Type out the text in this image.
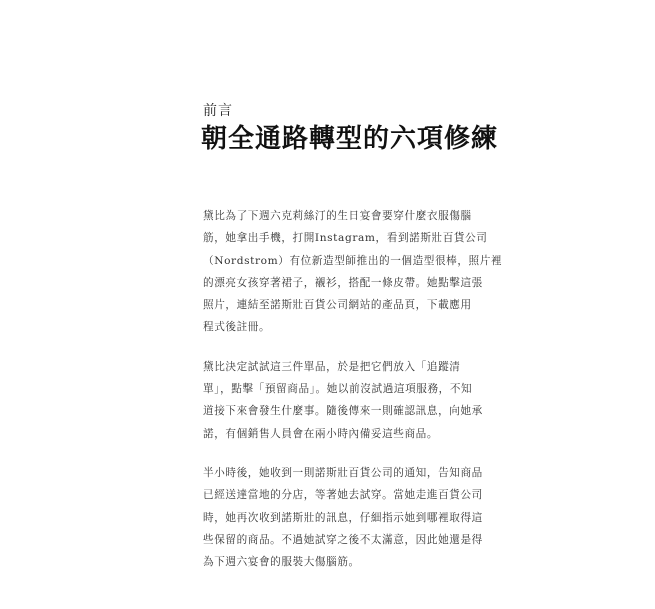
前言
朝全通路轉型的六項修練
黛比為了下週六克莉絲汀的生日宴會要穿什麼衣服傷腦
筋，她拿出手機，打開Instagram，看到諾斯壯百貨公司
（Nordstrom）有位新造型師推出的一個造型很棒，照片裡
的漂亮女孩穿著裙子，襯衫，搭配一條皮帶。她點擊這張
照片，連結至諾斯壯百貨公司網站的產品頁，下載應用
程式後註冊。
黛比決定試試這三件單品，於是把它們放入「追蹤清
單」，點擊「預留商品」。她以前沒試過這項服務，不知
道接下來會發生什麼事。隨後傳來一則確認訊息，向她承
諾，有個銷售人員會在兩小時內備妥這些商品。
半小時後，她收到一則諾斯壯百貨公司的通知，告知商品
已經送達當地的分店，等著她去試穿。當她走進百貨公司
時，她再次收到諾斯壯的訊息，仔細指示她到哪裡取得這
些保留的商品。不過她試穿之後不太滿意，因此她還是得
為下週六宴會的服裝大傷腦筋。
